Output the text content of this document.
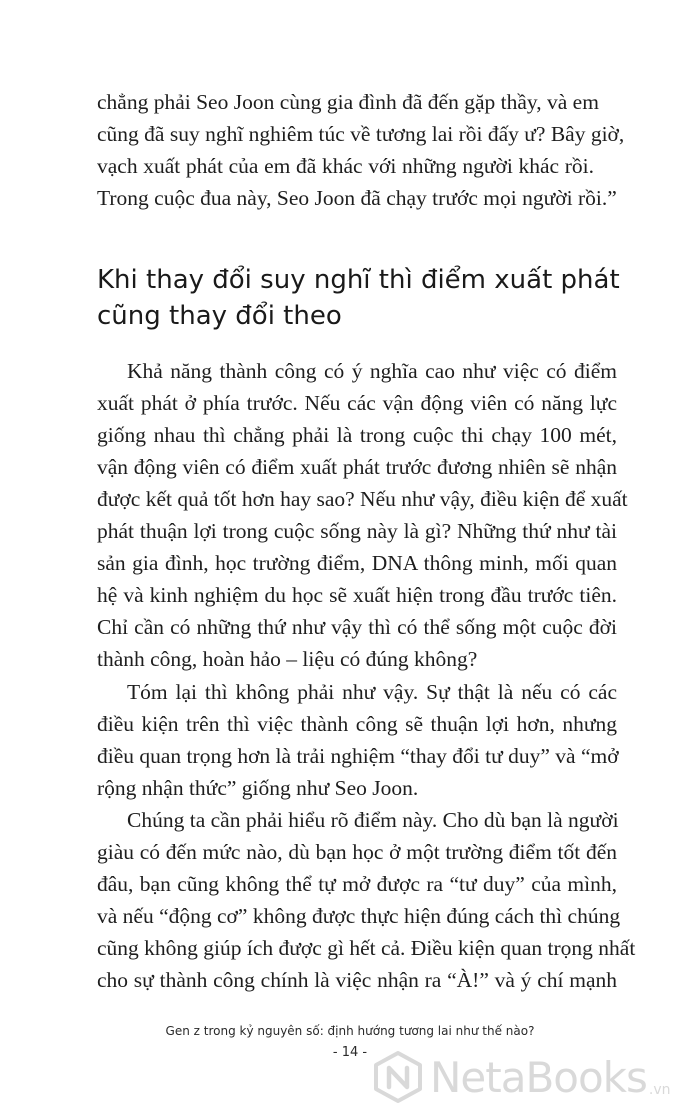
chẳng phải Seo Joon cùng gia đình đã đến gặp thầy, và em
cũng đã suy nghĩ nghiêm túc về tương lai rồi đấy ư? Bây giờ,
vạch xuất phát của em đã khác với những người khác rồi.
Trong cuộc đua này, Seo Joon đã chạy trước mọi người rồi.”
Khi thay đổi suy nghĩ thì điểm xuất phát
cũng thay đổi theo
Khả năng thành công có ý nghĩa cao như việc có điểm
xuất phát ở phía trước. Nếu các vận động viên có năng lực
giống nhau thì chẳng phải là trong cuộc thi chạy 100 mét,
vận động viên có điểm xuất phát trước đương nhiên sẽ nhận
được kết quả tốt hơn hay sao? Nếu như vậy, điều kiện để xuất
phát thuận lợi trong cuộc sống này là gì? Những thứ như tài
sản gia đình, học trường điểm, DNA thông minh, mối quan
hệ và kinh nghiệm du học sẽ xuất hiện trong đầu trước tiên.
Chỉ cần có những thứ như vậy thì có thể sống một cuộc đời
thành công, hoàn hảo – liệu có đúng không?
Tóm lại thì không phải như vậy. Sự thật là nếu có các
điều kiện trên thì việc thành công sẽ thuận lợi hơn, nhưng
điều quan trọng hơn là trải nghiệm “thay đổi tư duy” và “mở
rộng nhận thức” giống như Seo Joon.
Chúng ta cần phải hiểu rõ điểm này. Cho dù bạn là người
giàu có đến mức nào, dù bạn học ở một trường điểm tốt đến
đâu, bạn cũng không thể tự mở được ra “tư duy” của mình,
và nếu “động cơ” không được thực hiện đúng cách thì chúng
cũng không giúp ích được gì hết cả. Điều kiện quan trọng nhất
cho sự thành công chính là việc nhận ra “À!” và ý chí mạnh
Gen z trong kỷ nguyên số: định hướng tương lai như thế nào?
- 14 -	NetaBooks .vn
